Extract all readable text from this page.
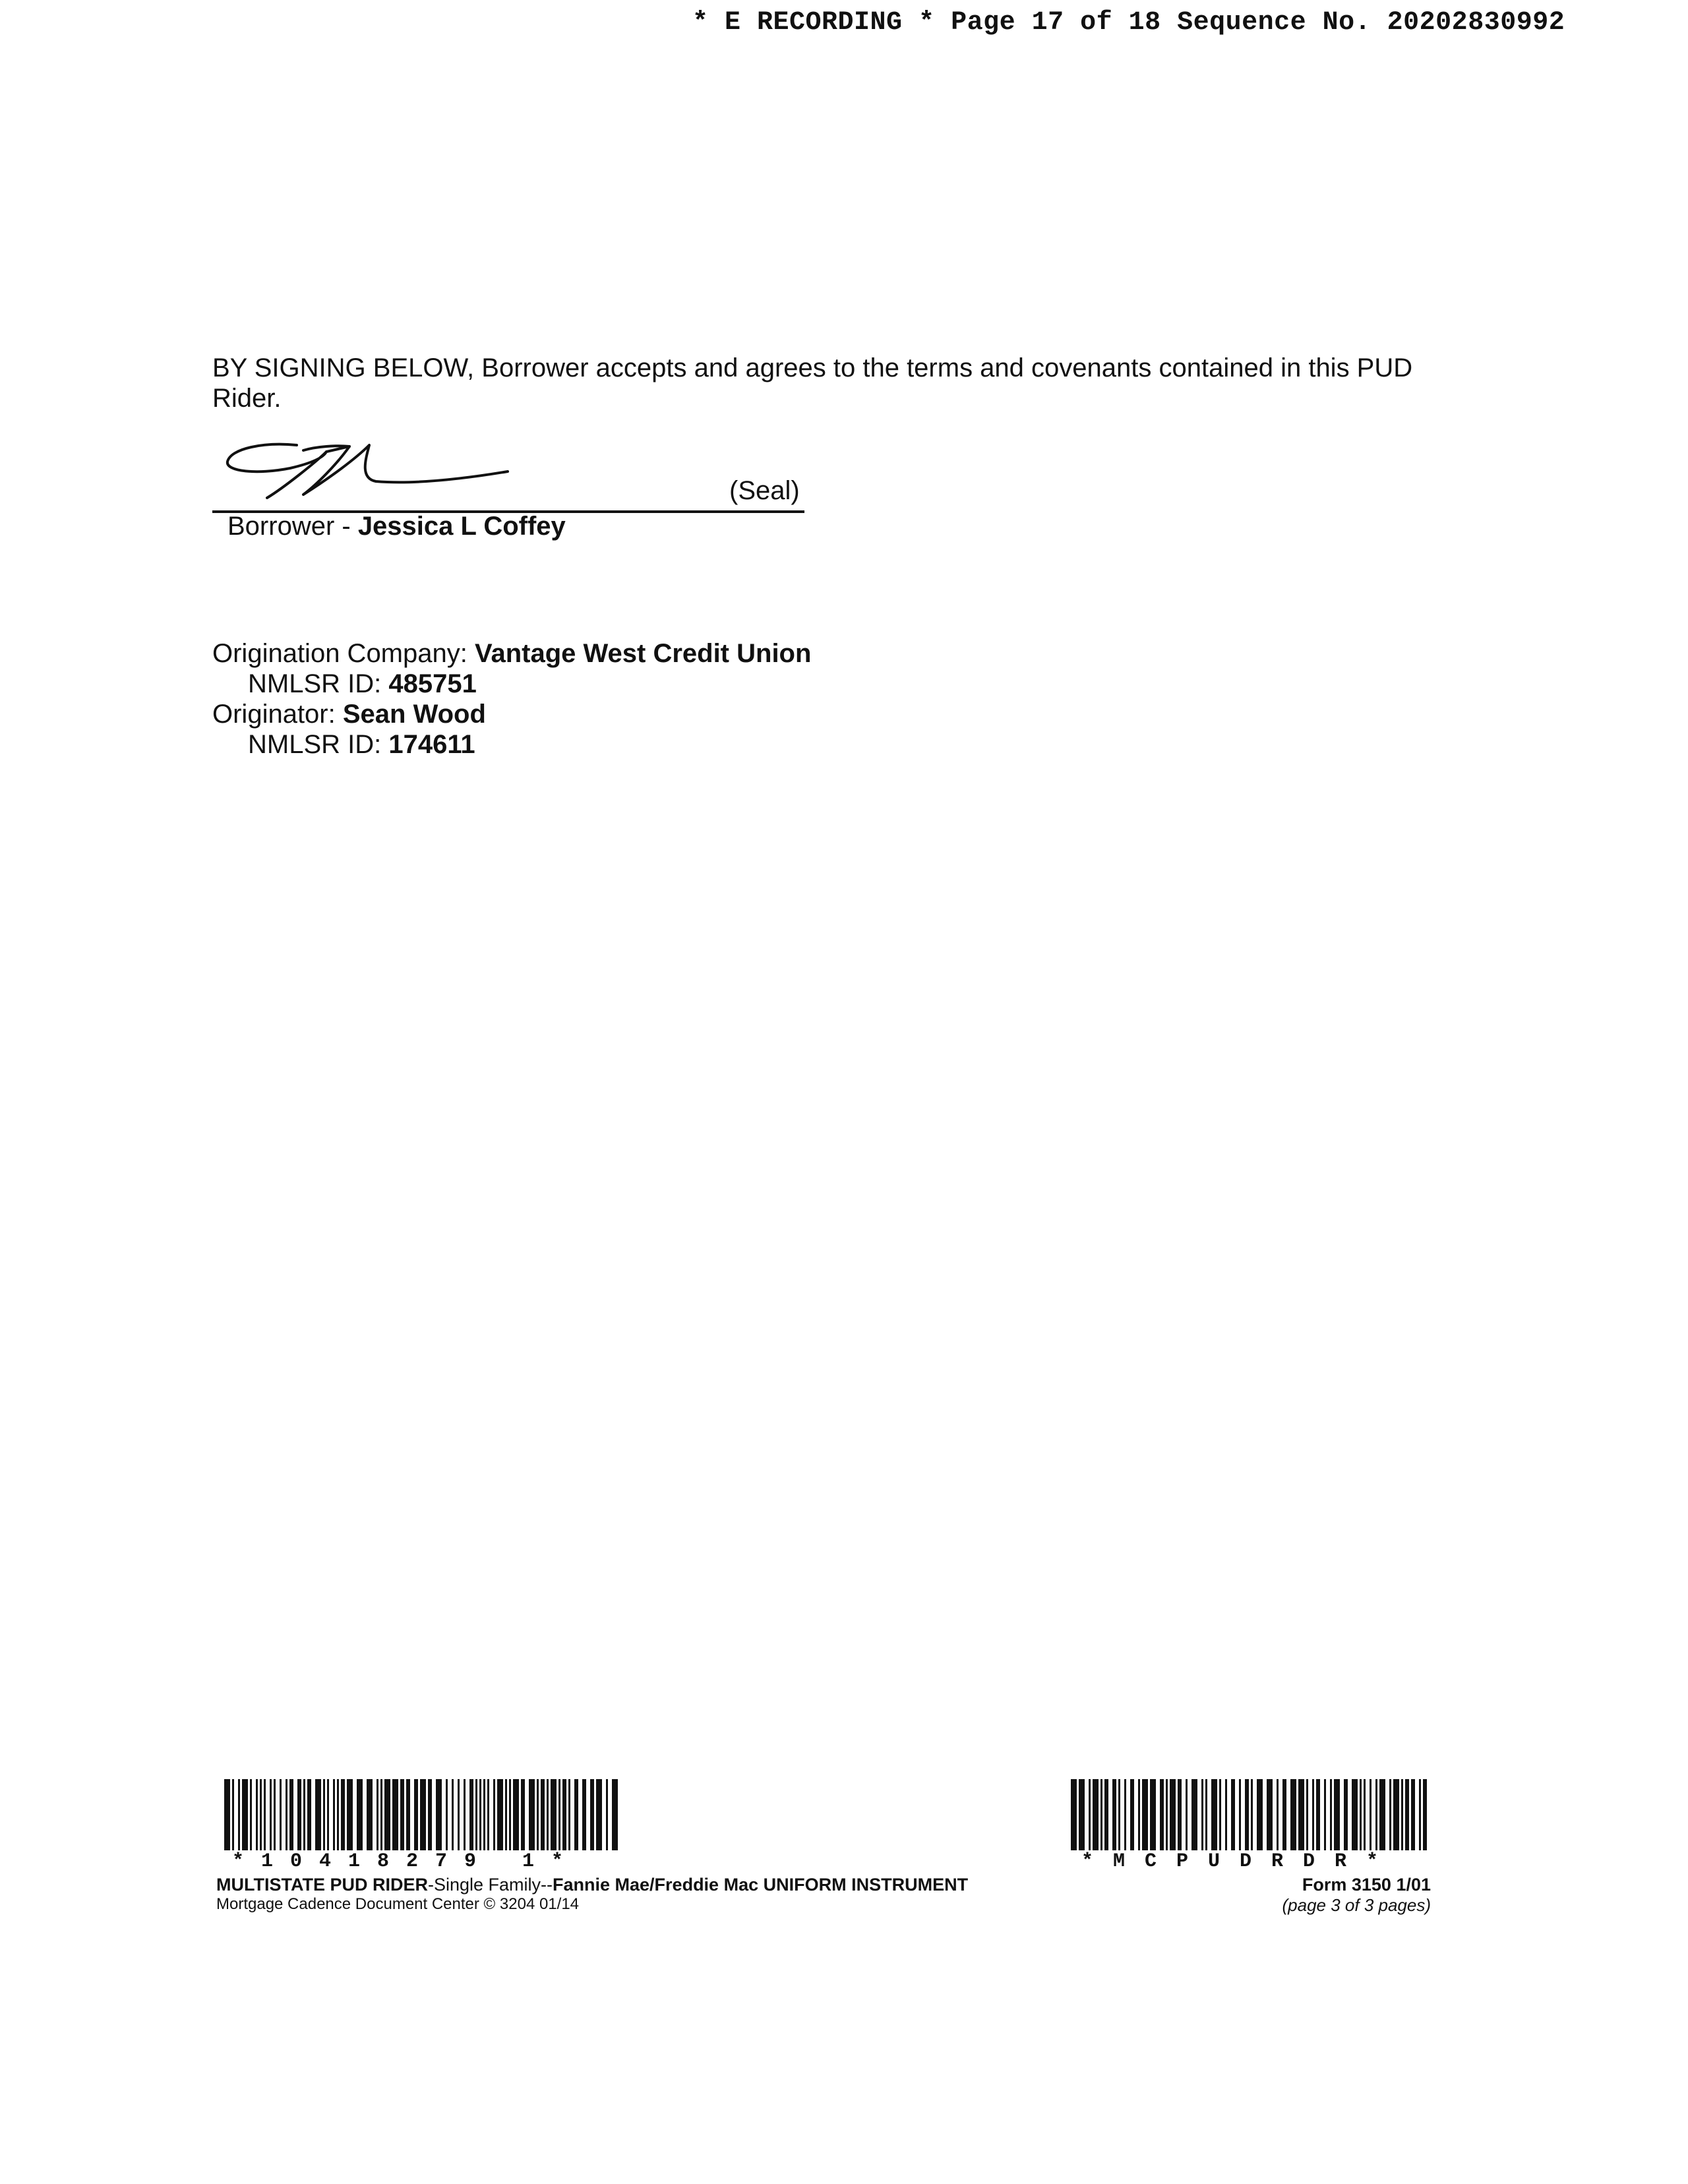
* E RECORDING * Page 17 of 18 Sequence No. 20202830992
BY SIGNING BELOW, Borrower accepts and agrees to the terms and covenants contained in this PUD Rider.
(Seal)
Borrower - Jessica L Coffey
Origination Company: Vantage West Credit Union
NMLSR ID: 485751
Originator: Sean Wood
NMLSR ID: 174611
*10418279 1*	*MCPUDRDR*
MULTISTATE PUD RIDER-Single Family--Fannie Mae/Freddie Mac UNIFORM INSTRUMENT
Mortgage Cadence Document Center © 3204 01/14
Form 3150 1/01
(page 3 of 3 pages)
